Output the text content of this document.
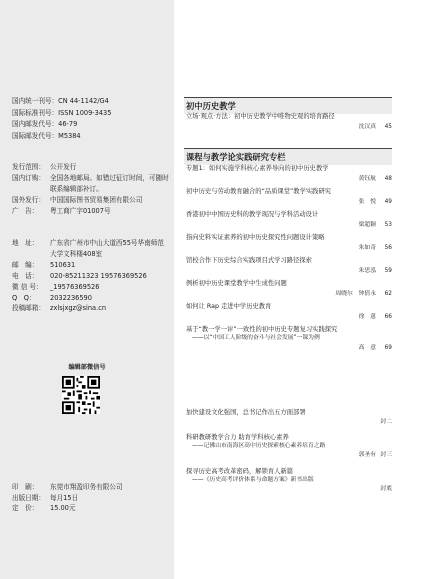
国内统一刊号： CN 44-1142/G4
国际标准刊号： ISSN 1009-3435
国内邮发代号： 46-79
国际邮发代号： M5384
发行范围： 公开发行
国内订购： 全国各地邮局。如错过征订时间，可随时联系编辑部补订。
国外发行： 中国国际图书贸易集团有限公司
广　告：	粤工商广字01007号
地　址：	广东省广州市中山大道西55号华南师范大学文科楼408室
邮　编：	510631
电　话：	020-85211323 19576369526
微 信 号：	_19576369526
Q　Q：	2032236590
投稿邮箱： zxlsjxgz@sina.cn
编辑部微信号
印　刷：	东莞市翔盈印务有限公司
出版日期： 每月15日
定　价：	15.00元
初中历史教学
立场·观点·方法：初中历史教学中唯物史观的培育路径
沈汉真	45
课程与教学论实践研究专栏
专题1：如何实施学科核心素养导向的初中历史教学
黄钰航	48
初中历史与劳动教育融合的“品质课堂”教学实践研究
张　悦	49
香港初中中国历史科的教学现况与学科活动设计
梁超颖	53
指向史料实证素养的初中历史探究性问题设计策略
朱如奇	56
馆校合作下历史综合实践项目式学习路径探索
朱思泓	59
例析初中历史课堂教学中生成性问题
周晓尔　钟倩永	62
如何让 Rap 走进中学历史教育
徐　葸	66
基于“教一学一评”一致性的初中历史专题复习实践探究
——以“中国工人阶级的奋斗与社会发展”一课为例
高　意	69
加快建设文化强国，总书记作出五方面部署
封二
科研教研教学合力 助育学科核心素养
——记佛山市南海区高中历史探索核心素养培育之路
郭圣有 封三
探寻历史高考改革密码，解锁育人新篇
——《历史高考评价体系与命题方案》新书出版
封底
